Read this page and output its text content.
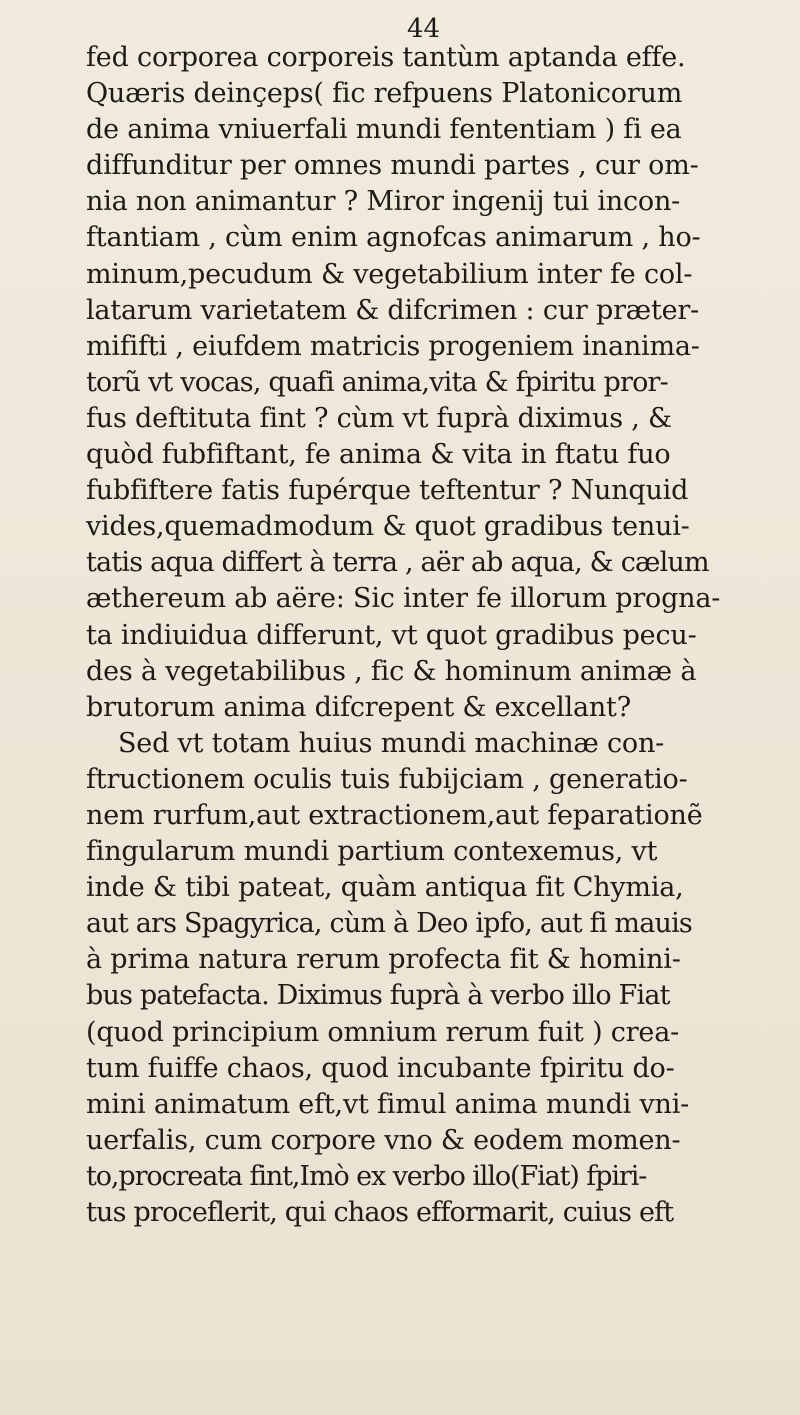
44
fed corporea corporeis tantùm aptanda effe.
Quæris deinçeps( fic refpuens Platonicorum
de anima vniuerfali mundi fententiam ) fi ea
diffunditur per omnes mundi partes , cur om-
nia non animantur ? Miror ingenij tui incon-
ftantiam , cùm enim agnofcas animarum , ho-
minum,pecudum & vegetabilium inter fe col-
latarum varietatem & difcrimen : cur præter-
mififti , eiufdem matricis progeniem inanima-
torũ vt vocas, quafi anima,vita & fpiritu pror-
fus deftituta fint ? cùm vt fuprà diximus , &
quòd fubfiftant, fe anima & vita in ftatu fuo
fubfiftere fatis fupérque teftentur ? Nunquid
vides,quemadmodum & quot gradibus tenui-
tatis aqua differt à terra , aër ab aqua, & cælum
æthereum ab aëre: Sic inter fe illorum progna-
ta indiuidua differunt, vt quot gradibus pecu-
des à vegetabilibus , fic & hominum animæ à
brutorum anima difcrepent & excellant?
Sed vt totam huius mundi machinæ con-
ftructionem oculis tuis fubijciam , generatio-
nem rurfum,aut extractionem,aut feparationẽ
fingularum mundi partium contexemus, vt
inde & tibi pateat, quàm antiqua fit Chymia,
aut ars Spagyrica, cùm à Deo ipfo, aut fi mauis
à prima natura rerum profecta fit & homini-
bus patefacta. Diximus fuprà à verbo illo Fiat
(quod principium omnium rerum fuit ) crea-
tum fuiffe chaos, quod incubante fpiritu do-
mini animatum eft,vt fimul anima mundi vni-
uerfalis, cum corpore vno & eodem momen-
to,procreata fint,Imò ex verbo illo(Fiat) fpiri-
tus proceflerit, qui chaos efformarit, cuius eft
